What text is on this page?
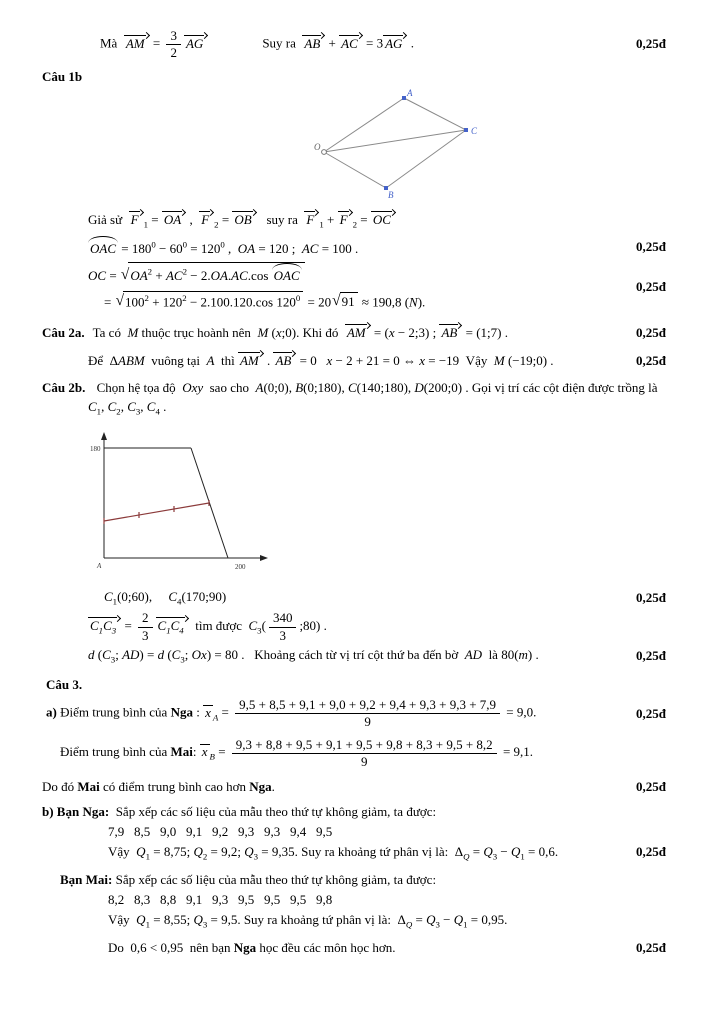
Mà  AM = $\frac{3}{2}$ AG	Suy ra  AB + AC = 3 AG .	0,25đ
Câu 1b
A
C
B
O
Giả sử  F $_1$ = OA ,  F $_2$ = OB   suy ra  F $_1$ + F $_2$ = OC
OAC = $180^0 - 60^0 = 120^0$ ,  OA = 120 ;  AC = 100 .	0,25đ
OC = √ $OA^2 + AC^2 - 2.OA.AC.\cos$ OAC
= √ $100^2 + 120^2 - 2.100.120.\cos$ $120^0 = 20$ √ 91 ≈ 190,8 (N).
0,25đ
Câu 2a. Ta có  M thuộc trục hoành nên  M (x;0). Khi đó  AM = (x − 2;3) ; AB = (1;7) .	0,25đ
Để  ΔABM  vuông tại  A  thì AM . AB = 0   x − 2 + 21 = 0 ⇔ x = −19  Vậy  M (−19;0) .	0,25đ
Câu 2b. Chọn hệ tọa độ  Oxy  sao cho  A(0;0), B(0;180), C(140;180), D(200;0) . Gọi vị trí các cột điện được trồng là  $C_1$, $C_2$, $C_3$, $C_4$ .
180
A	200
$C_1(0;60)$,     $C_4(170;90)$	0,25đ
$C_1C_3 = \frac{2}{3} C_1C_4$  tìm được  $C_3( \frac{340}{3}$ ;80) .
d ($C_3$; AD) = d ($C_3$; Ox) = 80 .   Khoảng cách từ vị trí cột thứ ba đến bờ  AD  là 80(m) .	0,25đ
Câu 3.
a) Điểm trung bình của Nga : x $_A = \frac{9,5 + 8,5 + 9,1 + 9,0 + 9,2 + 9,4 + 9,3 + 9,3 + 7,9}{9} = 9,0$.	0,25đ
Điểm trung bình của Mai: x $_B = \frac{9,3 + 8,8 + 9,5 + 9,1 + 9,5 + 9,8 + 8,3 + 9,5 + 8,2}{9} = 9,1$.
Do đó Mai có điểm trung bình cao hơn Nga.	0,25đ
b) Bạn Nga:  Sắp xếp các số liệu của mẫu theo thứ tự không giảm, ta được:
7,9   8,5   9,0   9,1   9,2   9,3   9,3   9,4   9,5
Vậy  $Q_1 = 8,75$; $Q_2 = 9,2$; $Q_3 = 9,35$. Suy ra khoảng tứ phân vị là:  $\Delta_Q = Q_3 - Q_1 = 0,6$.	0,25đ
Bạn Mai: Sắp xếp các số liệu của mẫu theo thứ tự không giảm, ta được:
8,2   8,3   8,8   9,1   9,3   9,5   9,5   9,5   9,8
Vậy  $Q_1 = 8,55$; $Q_3 = 9,5$. Suy ra khoảng tứ phân vị là:  $\Delta_Q = Q_3 - Q_1 = 0,95$.
Do  0,6 < 0,95  nên bạn Nga học đều các môn học hơn.	0,25đ
